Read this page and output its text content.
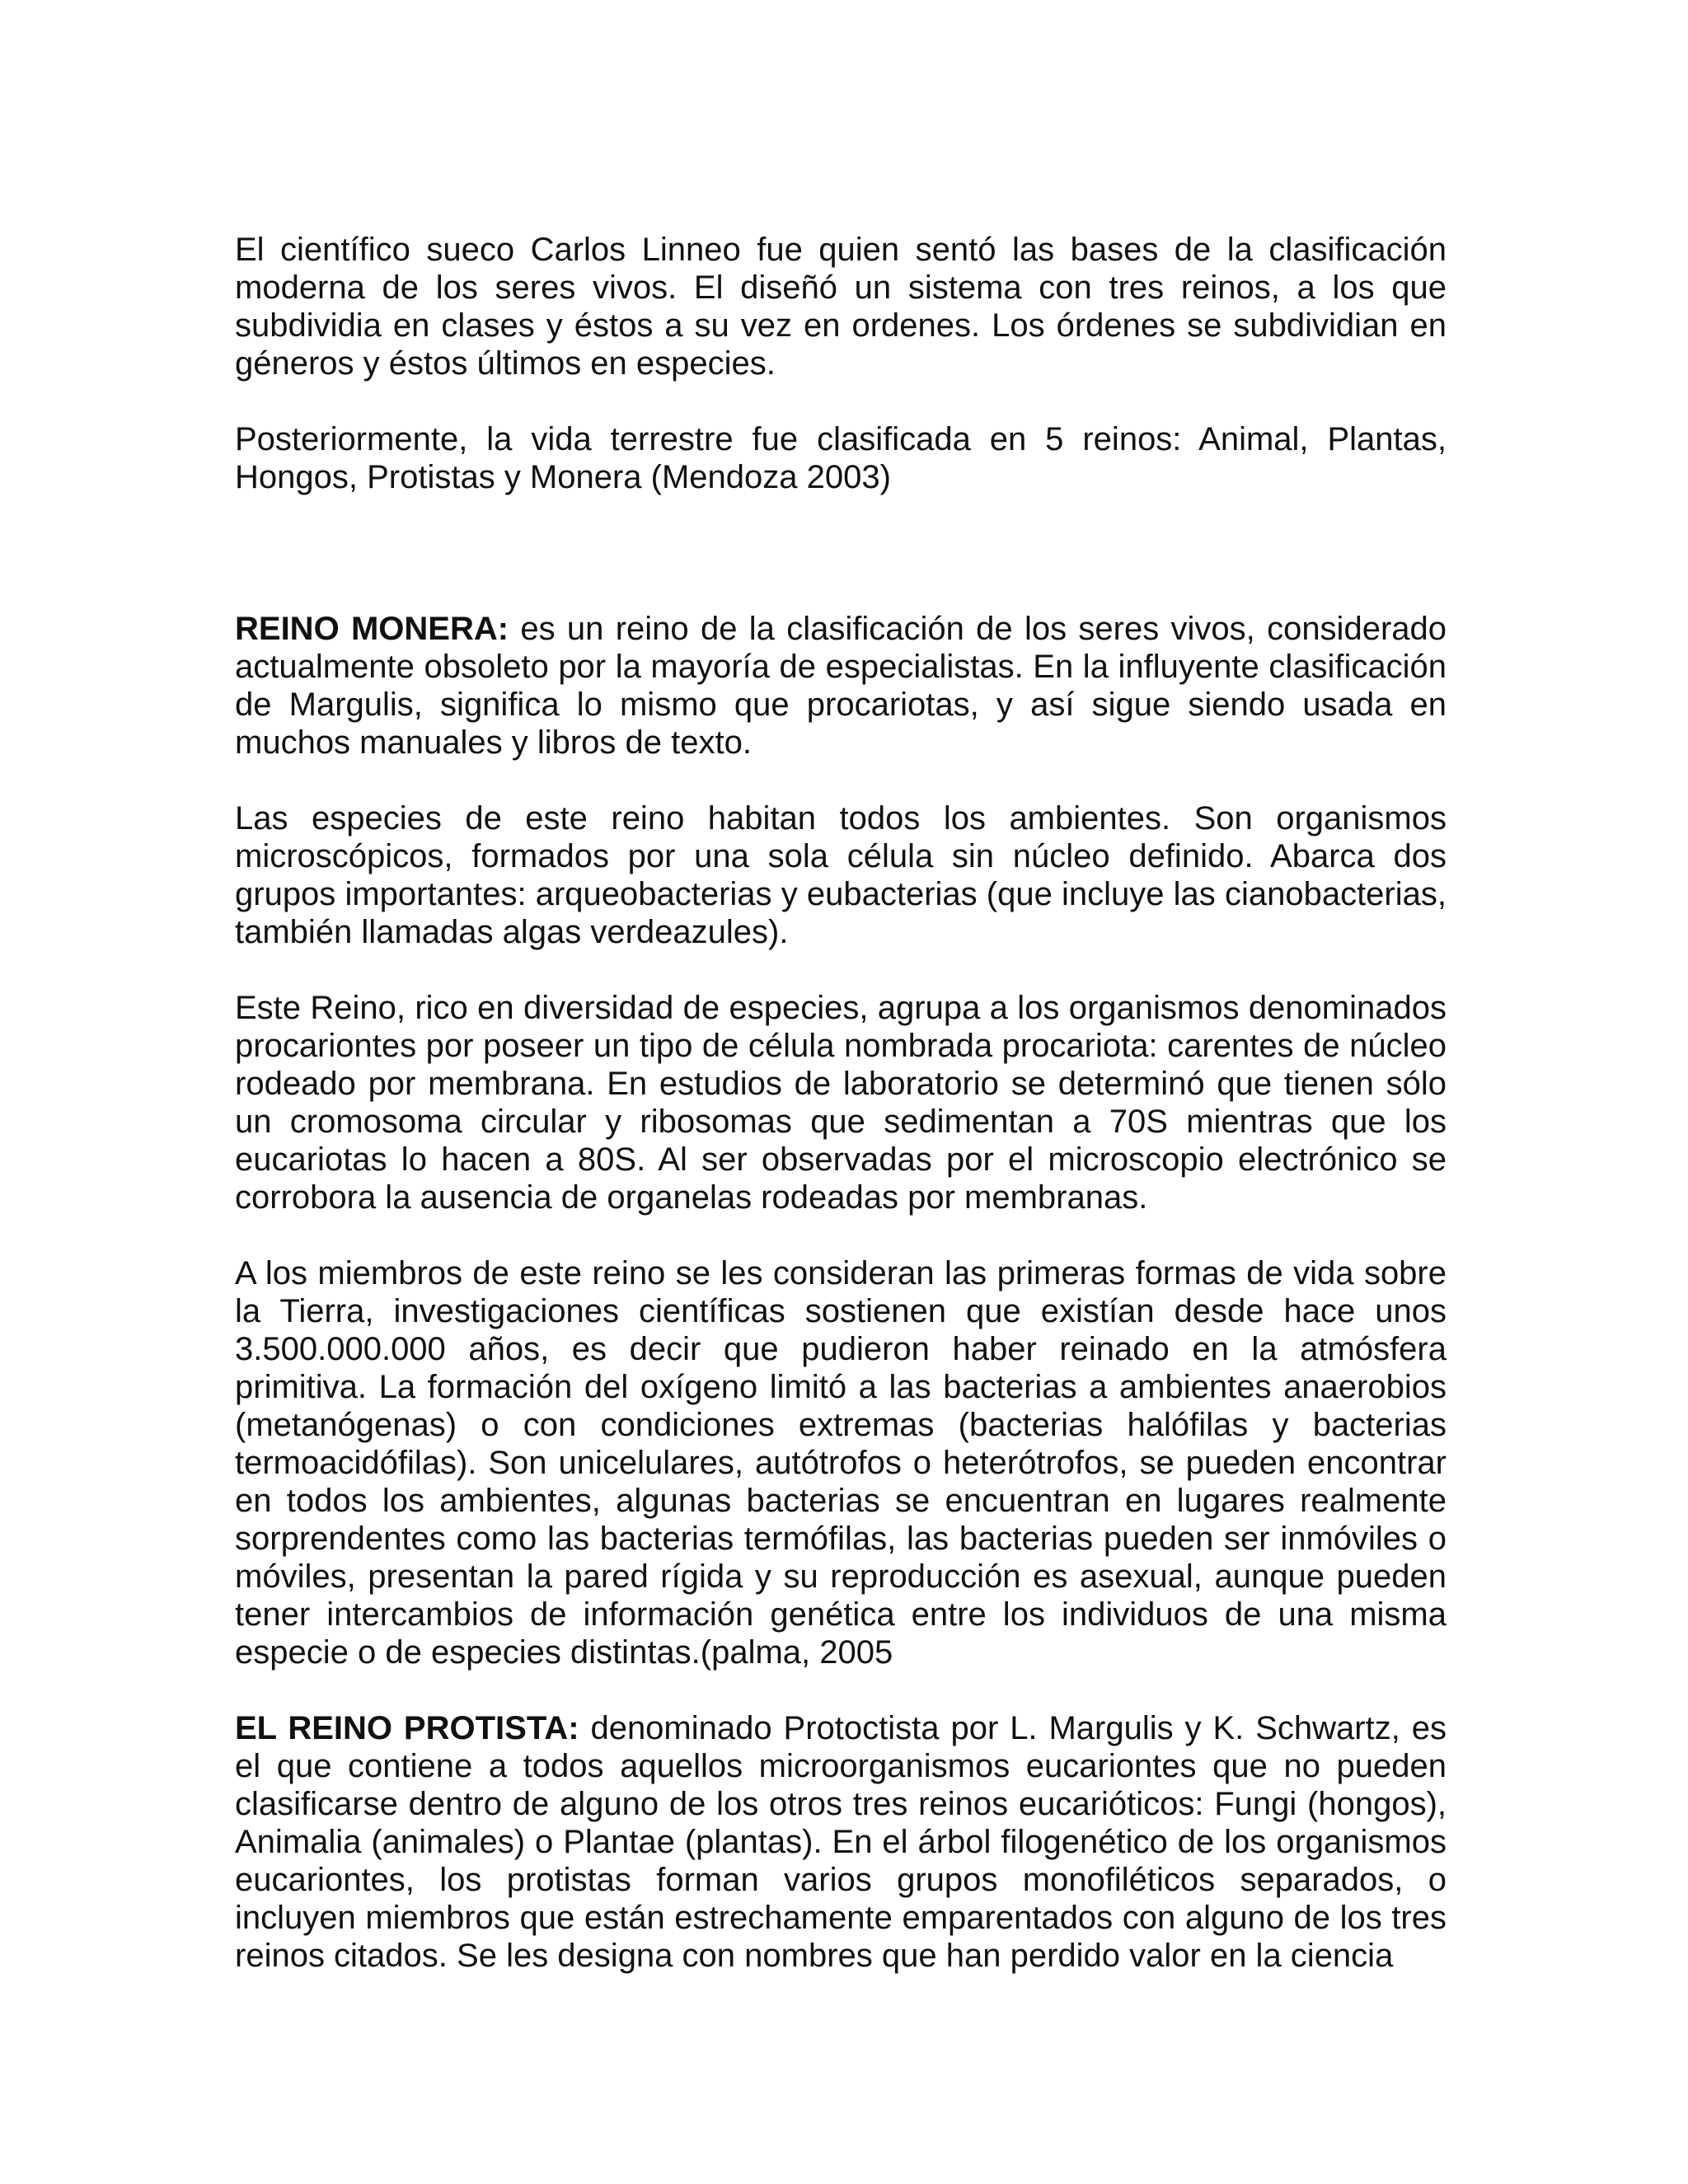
El científico sueco Carlos Linneo fue quien sentó las bases de la clasificación moderna de los seres vivos. El diseñó un sistema con tres reinos, a los que subdividia en clases y éstos a su vez en ordenes. Los órdenes se subdividian en géneros y éstos últimos en especies.

Posteriormente, la vida terrestre fue clasificada en 5 reinos: Animal, Plantas, Hongos, Protistas y Monera (Mendoza 2003)

REINO MONERA: es un reino de la clasificación de los seres vivos, considerado actualmente obsoleto por la mayoría de especialistas. En la influyente clasificación de Margulis, significa lo mismo que procariotas, y así sigue siendo usada en muchos manuales y libros de texto.

Las especies de este reino habitan todos los ambientes. Son organismos microscópicos, formados por una sola célula sin núcleo definido. Abarca dos grupos importantes: arqueobacterias y eubacterias (que incluye las cianobacterias, también llamadas algas verdeazules).

Este Reino, rico en diversidad de especies, agrupa a los organismos denominados procariontes por poseer un tipo de célula nombrada procariota: carentes de núcleo rodeado por membrana. En estudios de laboratorio se determinó que tienen sólo un cromosoma circular y ribosomas que sedimentan a 70S mientras que los eucariotas lo hacen a 80S. Al ser observadas por el microscopio electrónico se corrobora la ausencia de organelas rodeadas por membranas.

A los miembros de este reino se les consideran las primeras formas de vida sobre la Tierra, investigaciones científicas sostienen que existían desde hace unos 3.500.000.000 años, es decir que pudieron haber reinado en la atmósfera primitiva. La formación del oxígeno limitó a las bacterias a ambientes anaerobios (metanógenas) o con condiciones extremas (bacterias halófilas y bacterias termoacidófilas). Son unicelulares, autótrofos o heterótrofos, se pueden encontrar en todos los ambientes, algunas bacterias se encuentran en lugares realmente sorprendentes como las bacterias termófilas, las bacterias pueden ser inmóviles o móviles, presentan la pared rígida y su reproducción es asexual, aunque pueden tener intercambios de información genética entre los individuos de una misma especie o de especies distintas.(palma, 2005

EL REINO PROTISTA: denominado Protoctista por L. Margulis y K. Schwartz, es el que contiene a todos aquellos microorganismos eucariontes que no pueden clasificarse dentro de alguno de los otros tres reinos eucarióticos: Fungi (hongos), Animalia (animales) o Plantae (plantas). En el árbol filogenético de los organismos eucariontes, los protistas forman varios grupos monofiléticos separados, o incluyen miembros que están estrechamente emparentados con alguno de los tres reinos citados. Se les designa con nombres que han perdido valor en la ciencia
